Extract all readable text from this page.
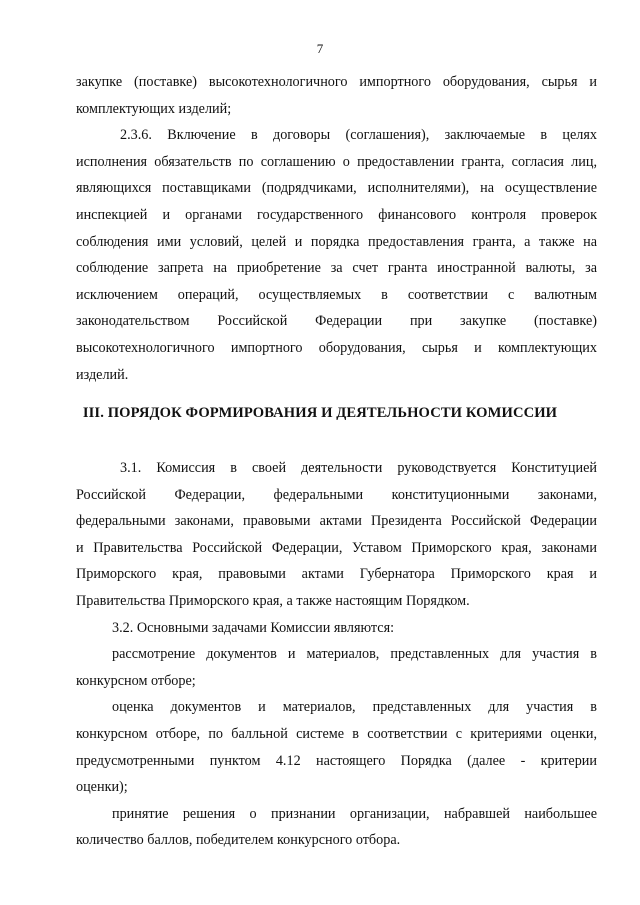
7
закупке (поставке) высокотехнологичного импортного оборудования, сырья и
комплектующих изделий;
2.3.6. Включение в договоры (соглашения), заключаемые в целях
исполнения обязательств по соглашению о предоставлении гранта, согласия лиц,
являющихся поставщиками (подрядчиками, исполнителями), на осуществление
инспекцией и органами государственного финансового контроля проверок
соблюдения ими условий, целей и порядка предоставления гранта, а также на
соблюдение запрета на приобретение за счет гранта иностранной валюты, за
исключением операций, осуществляемых в соответствии с валютным
законодательством Российской Федерации при закупке (поставке)
высокотехнологичного импортного оборудования, сырья и комплектующих
изделий.
III. ПОРЯДОК ФОРМИРОВАНИЯ И ДЕЯТЕЛЬНОСТИ КОМИССИИ
3.1. Комиссия в своей деятельности руководствуется Конституцией
Российской Федерации, федеральными конституционными законами,
федеральными законами, правовыми актами Президента Российской Федерации
и Правительства Российской Федерации, Уставом Приморского края, законами
Приморского края, правовыми актами Губернатора Приморского края и
Правительства Приморского края, а также настоящим Порядком.
3.2. Основными задачами Комиссии являются:
рассмотрение документов и материалов, представленных для участия в
конкурсном отборе;
оценка документов и материалов, представленных для участия в
конкурсном отборе, по балльной системе в соответствии с критериями оценки,
предусмотренными пунктом 4.12 настоящего Порядка (далее - критерии
оценки);
принятие решения о признании организации, набравшей наибольшее
количество баллов, победителем конкурсного отбора.
